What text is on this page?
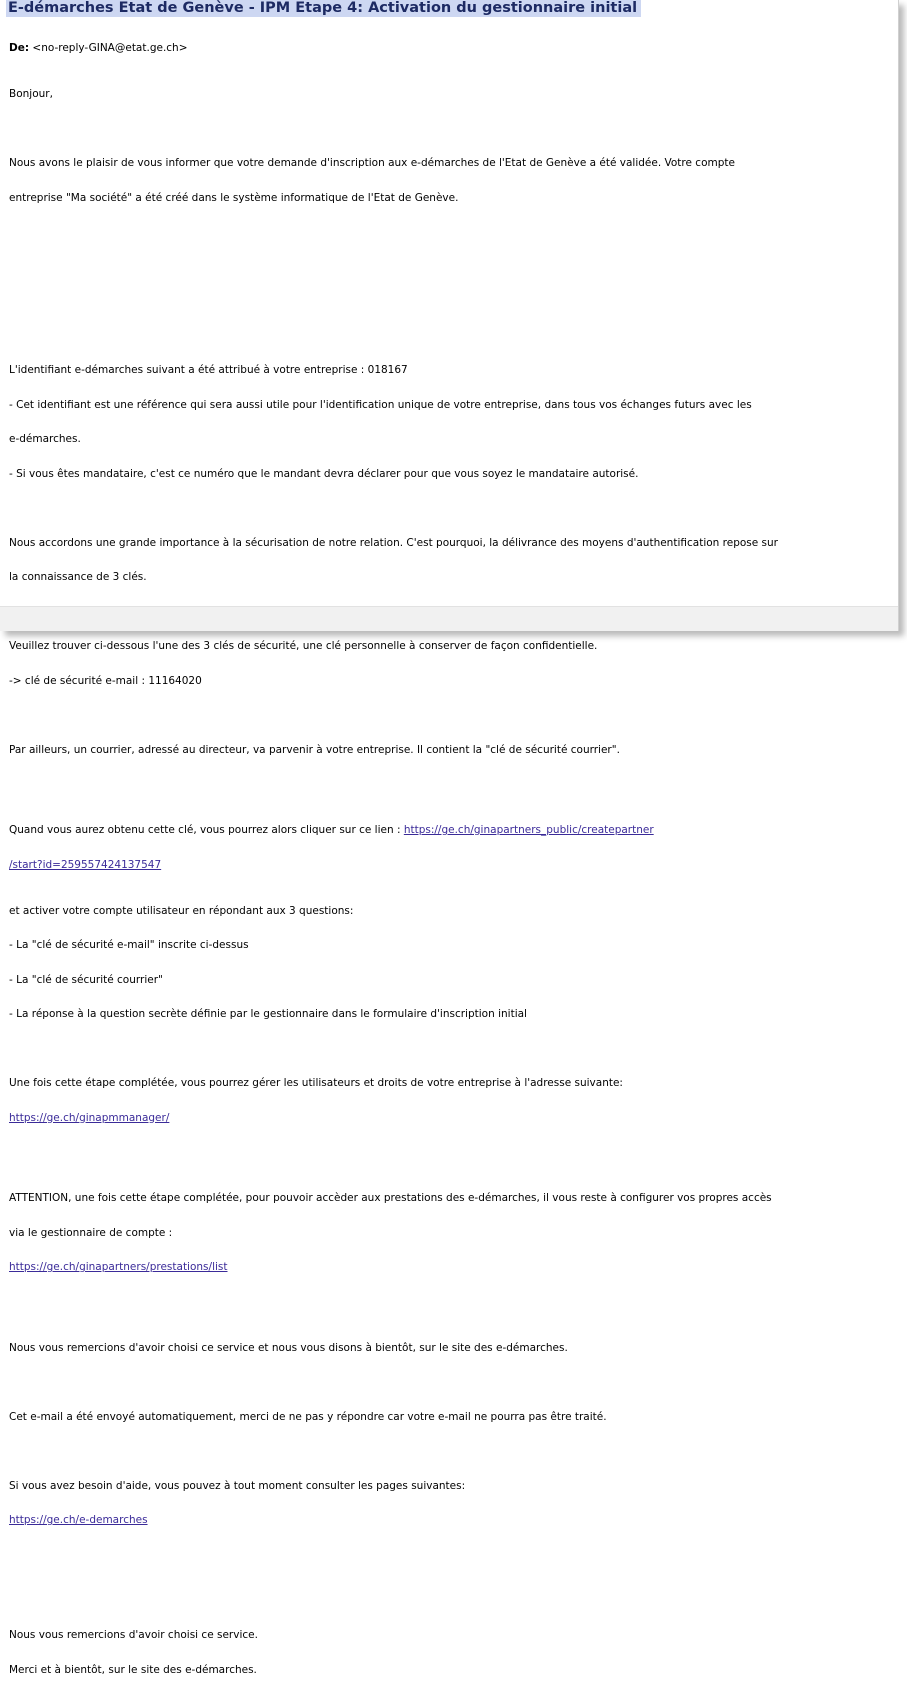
E-démarches Etat de Genève - IPM Etape 4: Activation du gestionnaire initial

De: <no-reply-GINA@etat.ge.ch>

Bonjour,

Nous avons le plaisir de vous informer que votre demande d'inscription aux e-démarches de l'Etat de Genève a été validée. Votre compte

entreprise "Ma société" a été créé dans le système informatique de l'Etat de Genève.

L'identifiant e-démarches suivant a été attribué à votre entreprise : 018167

- Cet identifiant est une référence qui sera aussi utile pour l'identification unique de votre entreprise, dans tous vos échanges futurs avec les

e-démarches.

- Si vous êtes mandataire, c'est ce numéro que le mandant devra déclarer pour que vous soyez le mandataire autorisé.

Nous accordons une grande importance à la sécurisation de notre relation. C'est pourquoi, la délivrance des moyens d'authentification repose sur

la connaissance de 3 clés.

Veuillez trouver ci-dessous l'une des 3 clés de sécurité, une clé personnelle à conserver de façon confidentielle.

-> clé de sécurité e-mail : 11164020

Par ailleurs, un courrier, adressé au directeur, va parvenir à votre entreprise. Il contient la "clé de sécurité courrier".

Quand vous aurez obtenu cette clé, vous pourrez alors cliquer sur ce lien : https://ge.ch/ginapartners_public/createpartner

/start?id=259557424137547

et activer votre compte utilisateur en répondant aux 3 questions:

- La "clé de sécurité e-mail" inscrite ci-dessus

- La "clé de sécurité courrier"

- La réponse à la question secrète définie par le gestionnaire dans le formulaire d'inscription initial

Une fois cette étape complétée, vous pourrez gérer les utilisateurs et droits de votre entreprise à l'adresse suivante:

https://ge.ch/ginapmmanager/

ATTENTION, une fois cette étape complétée, pour pouvoir accèder aux prestations des e-démarches, il vous reste à configurer vos propres accès

via le gestionnaire de compte :

https://ge.ch/ginapartners/prestations/list

Nous vous remercions d'avoir choisi ce service et nous vous disons à bientôt, sur le site des e-démarches.

Cet e-mail a été envoyé automatiquement, merci de ne pas y répondre car votre e-mail ne pourra pas être traité.

Si vous avez besoin d'aide, vous pouvez à tout moment consulter les pages suivantes:

https://ge.ch/e-demarches

Nous vous remercions d'avoir choisi ce service.

Merci et à bientôt, sur le site des e-démarches.
